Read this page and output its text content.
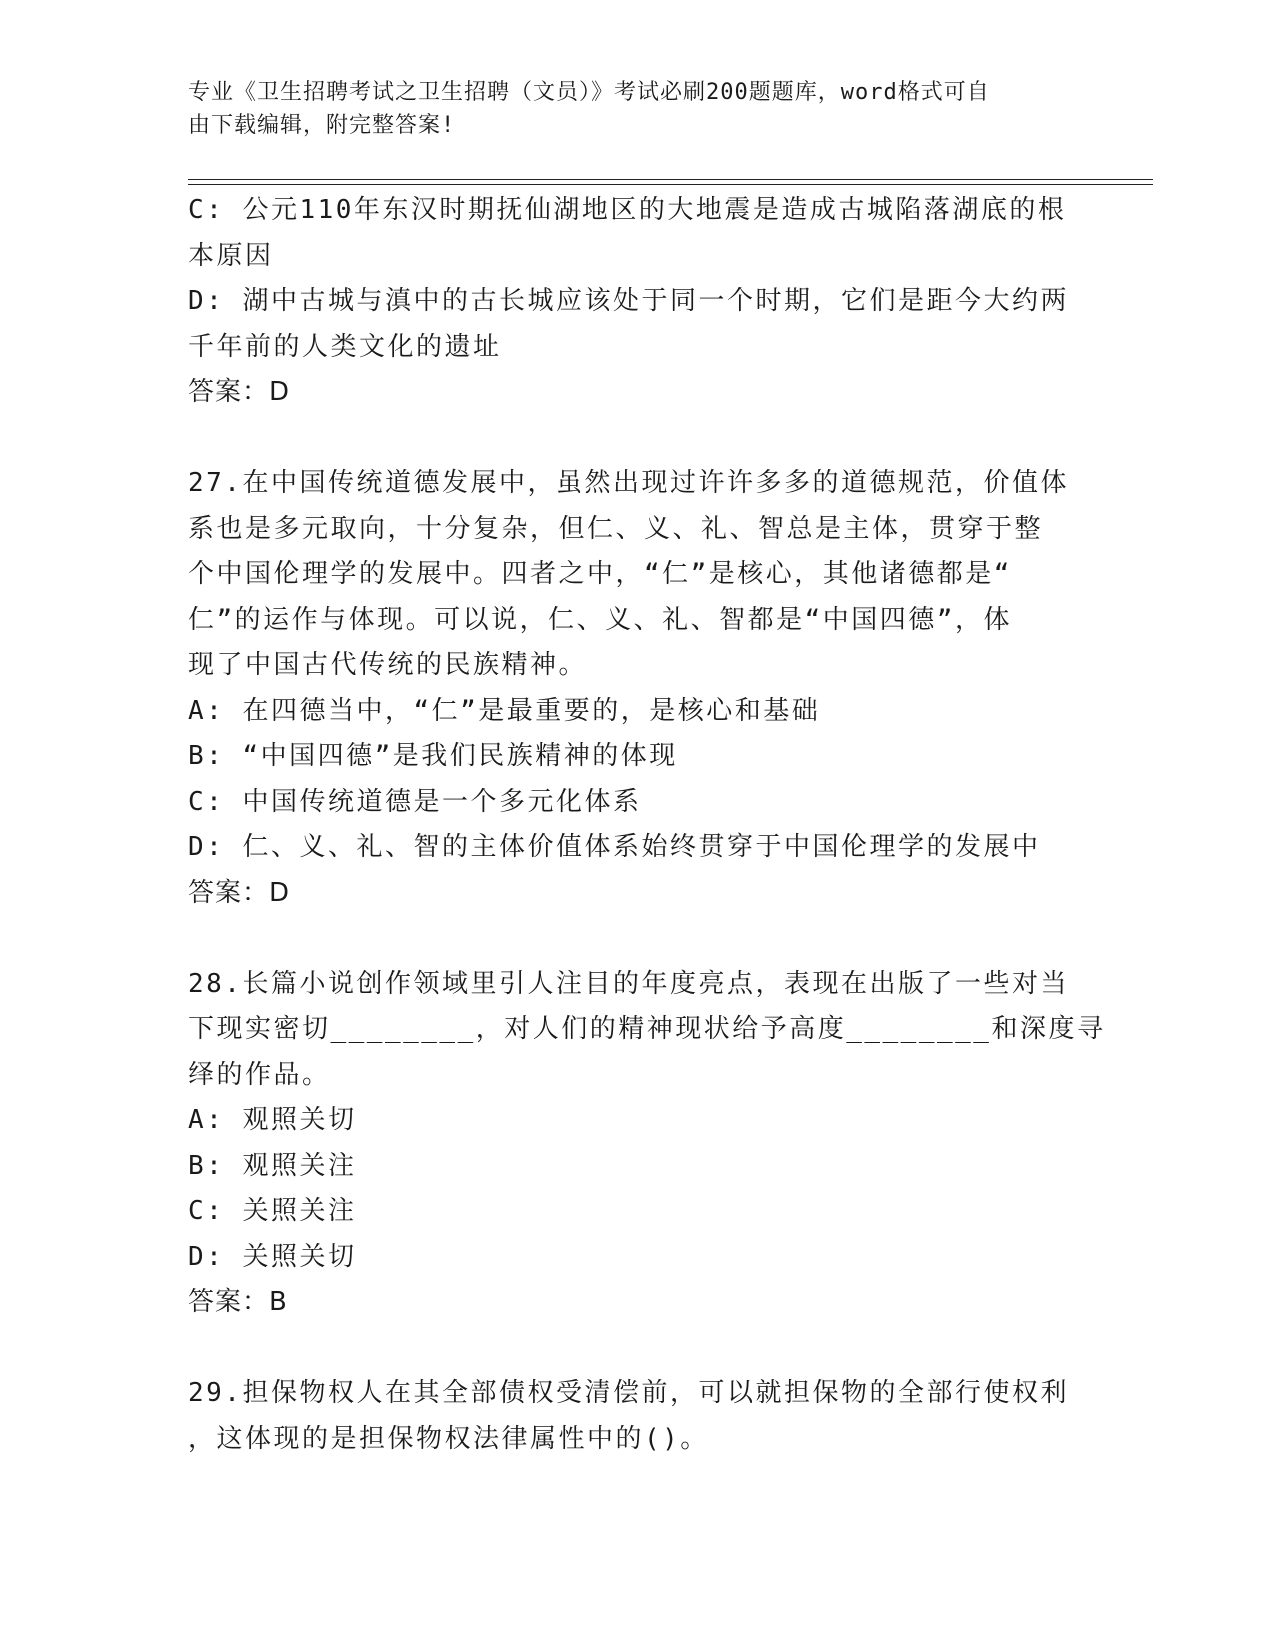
专业《卫生招聘考试之卫生招聘（文员）》考试必刷200题题库，word格式可自
由下载编辑，附完整答案!
C: 公元110年东汉时期抚仙湖地区的大地震是造成古城陷落湖底的根
本原因
D: 湖中古城与滇中的古长城应该处于同一个时期，它们是距今大约两
千年前的人类文化的遗址
答案：D
27.在中国传统道德发展中，虽然出现过许许多多的道德规范，价值体
系也是多元取向，十分复杂，但仁、义、礼、智总是主体，贯穿于整
个中国伦理学的发展中。四者之中，“仁”是核心，其他诸德都是“
仁”的运作与体现。可以说，仁、义、礼、智都是“中国四德”，体
现了中国古代传统的民族精神。
A: 在四德当中，“仁”是最重要的，是核心和基础
B: “中国四德”是我们民族精神的体现
C: 中国传统道德是一个多元化体系
D: 仁、义、礼、智的主体价值体系始终贯穿于中国伦理学的发展中
答案：D
28.长篇小说创作领域里引人注目的年度亮点，表现在出版了一些对当
下现实密切________，对人们的精神现状给予高度________和深度寻
绎的作品。
A: 观照关切
B: 观照关注
C: 关照关注
D: 关照关切
答案：B
29.担保物权人在其全部债权受清偿前，可以就担保物的全部行使权利
，这体现的是担保物权法律属性中的()。
